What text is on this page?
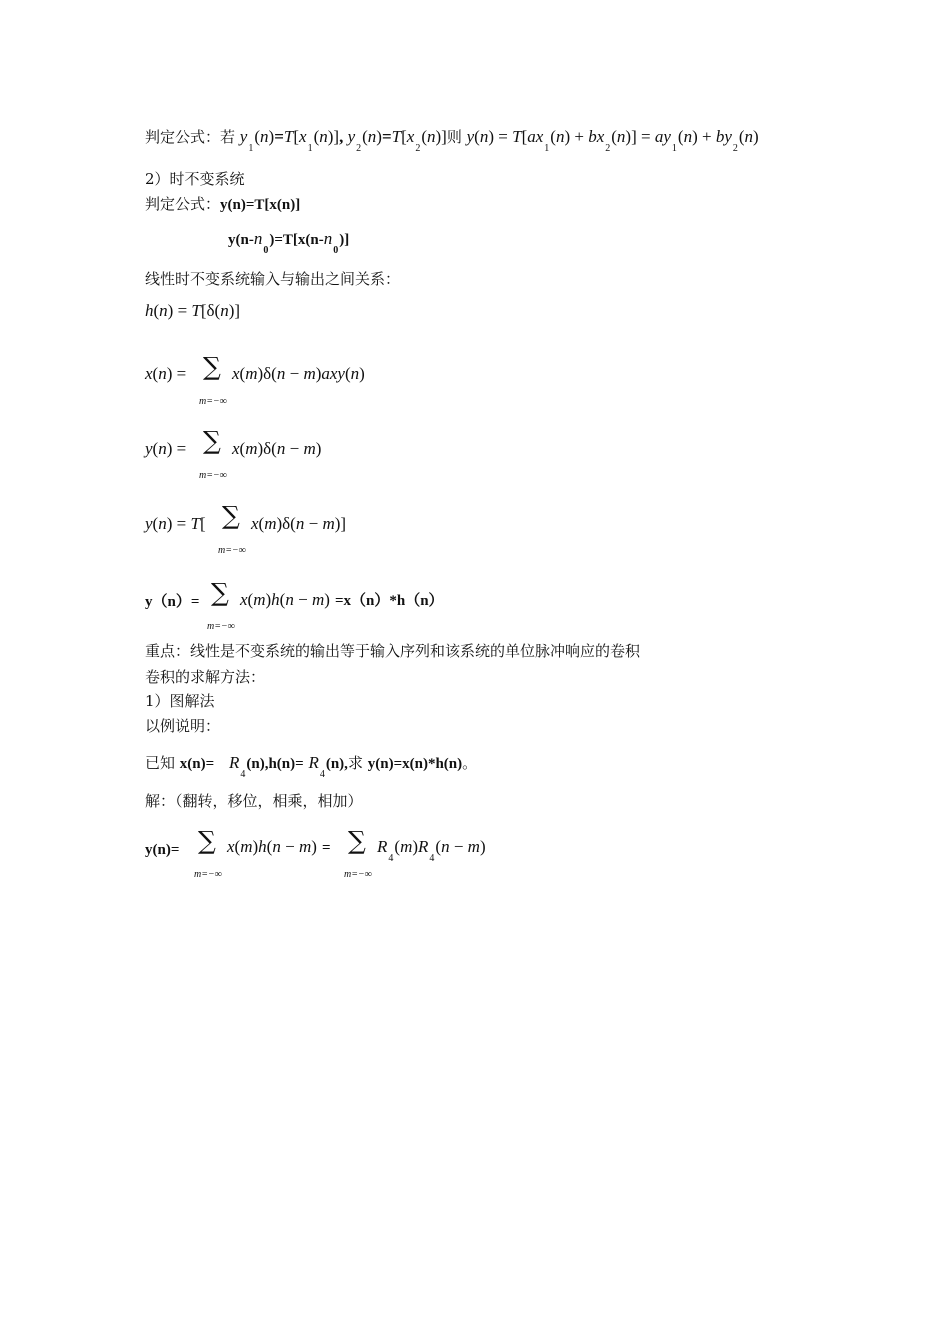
判定公式：若 $y_1(n)=T[x_1(n)]$, $y_2(n)=T[x_2(n)]$则 $y(n) = T[ax_1(n) + bx_2(n)] = ay_1(n) + by_2(n)$
2）时不变系统
判定公式：y(n)=T[x(n)]
$y(n-n_0)=T[x(n-n_0)]$
线性时不变系统输入与输出之间关系：
h(n) = T[δ(n)]
x(n) = ∑
m=−∞
x(m)δ(n − m)axy(n)
y(n) = ∑
m=−∞
x(m)δ(n − m)
y(n) = T[ ∑
m=−∞
x(m)δ(n − m)]
y（n）= ∑
m=−∞
x(m)h(n − m) =x（n）*h（n）
重点：线性是不变系统的输出等于输入序列和该系统的单位脉冲响应的卷积
卷积的求解方法：
1）图解法
以例说明：
已知 $x(n)= R_4(n),h(n)= R_4(n)$,求 y(n)=x(n)*h(n)。
解：（翻转，移位，相乘，相加）
y(n)= ∑
m=−∞
x(m)h(n − m) = ∑
m=−∞
$R_4(m)R_4(n - m)$
